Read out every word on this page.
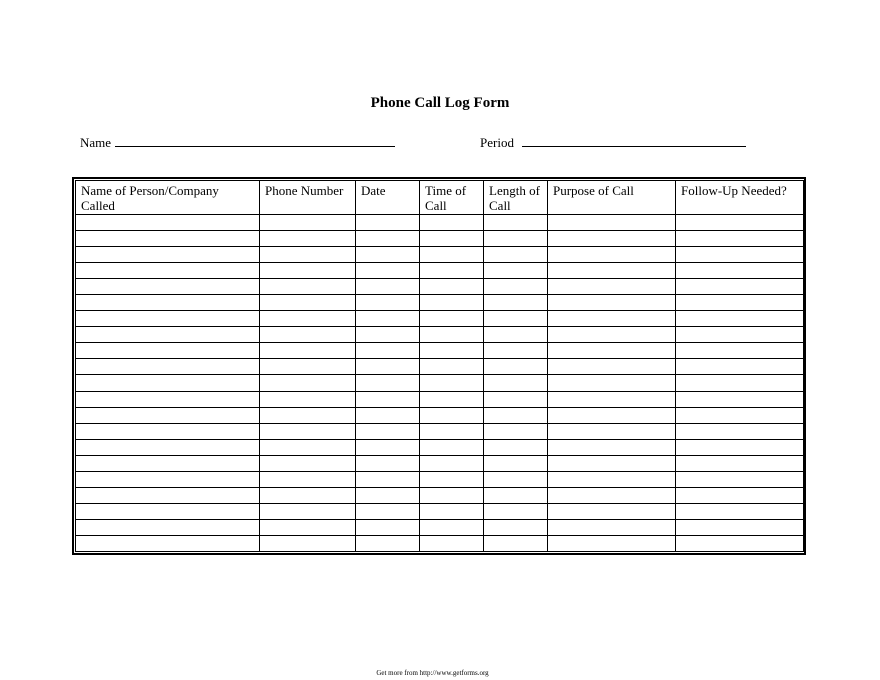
Phone Call Log Form
Name	Period
Name of Person/Company Called	Phone Number	Date	Time of Call	Length of Call	Purpose of Call	Follow-Up Needed?

Get more from http://www.getforms.org
